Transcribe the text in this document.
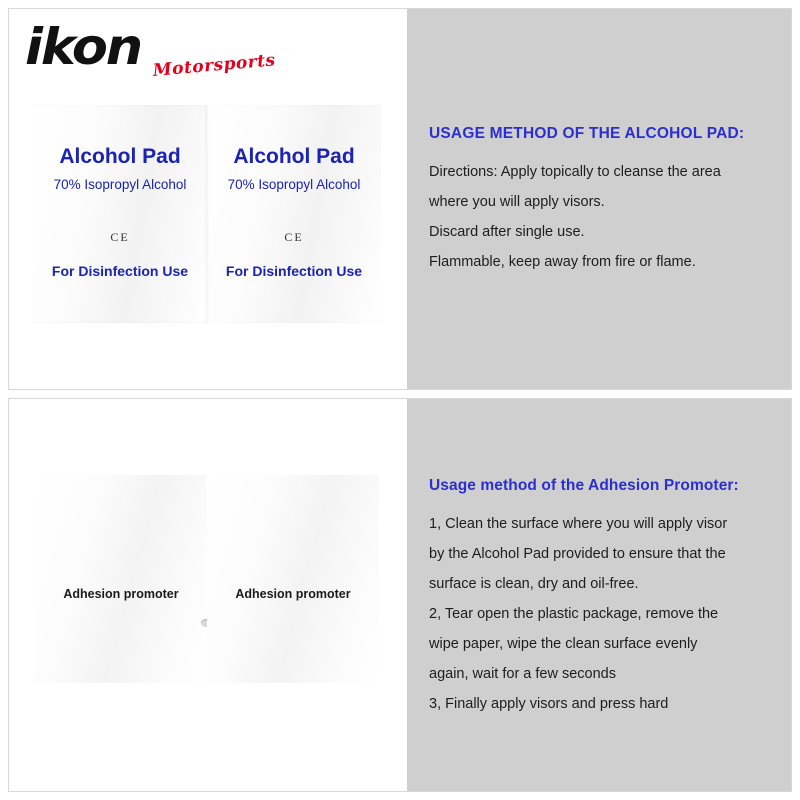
ikon Motorsports
Alcohol Pad
70% Isopropyl Alcohol
CE
For Disinfection Use
Alcohol Pad
70% Isopropyl Alcohol
CE
For Disinfection Use
USAGE METHOD OF THE ALCOHOL PAD:
Directions: Apply topically to cleanse the area
where you will apply visors.
Discard after single use.
Flammable, keep away from fire or flame.
Adhesion promoter	Adhesion promoter
Usage method of the Adhesion Promoter:
1, Clean the surface where you will apply visor
by the Alcohol Pad provided to ensure that the
surface is clean, dry and oil-free.
2, Tear open the plastic package, remove the
wipe paper, wipe the clean surface evenly
again, wait for a few seconds
3, Finally apply visors and press hard
